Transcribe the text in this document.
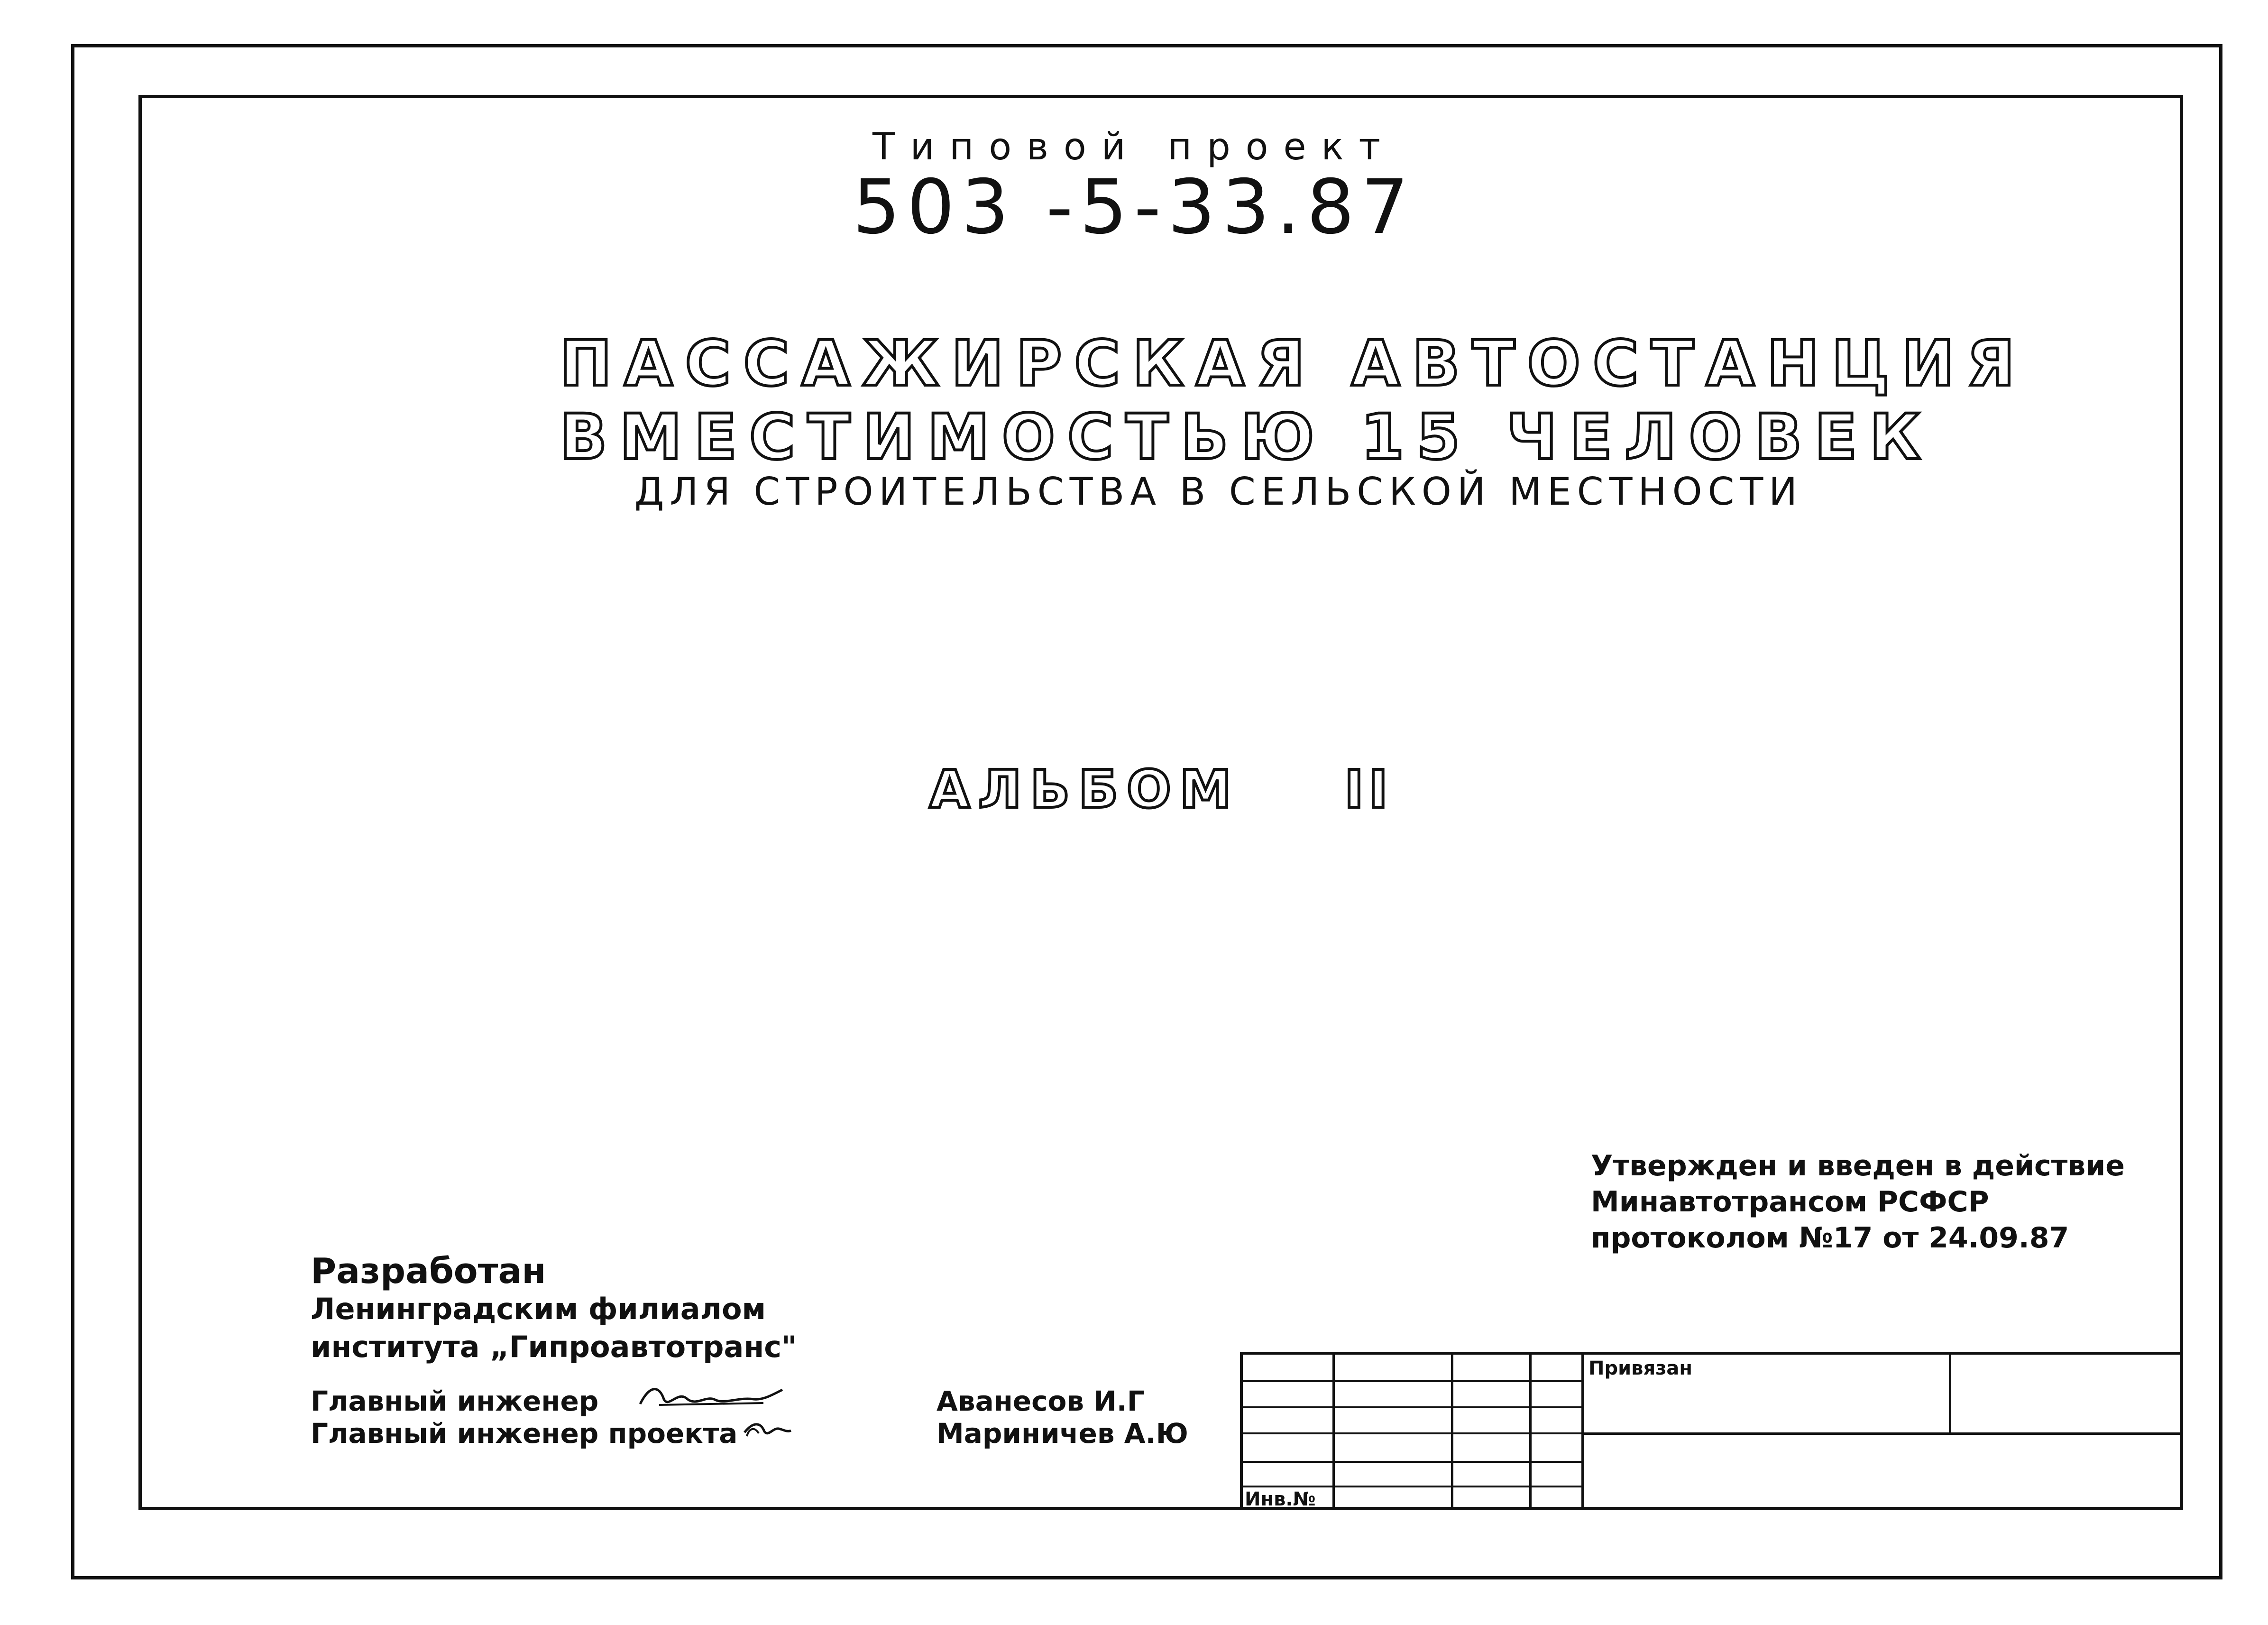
Типовой проект
503 -5-33.87
ПАССАЖИРСКАЯ АВТОСТАНЦИЯ
ВМЕСТИМОСТЬЮ 15 ЧЕЛОВЕК
ДЛЯ СТРОИТЕЛЬСТВА В СЕЛЬСКОЙ МЕСТНОСТИ
АЛЬБОМ II
Утвержден и введен в действие
Минавтотрансом РСФСР
протоколом №17 от 24.09.87
Разработан
Ленинградским филиалом
института „Гипроавтотранс"
Главный инженер
Главный инженер проекта
Аванесов И.Г
Мариничев А.Ю
Привязан
Инв.№
